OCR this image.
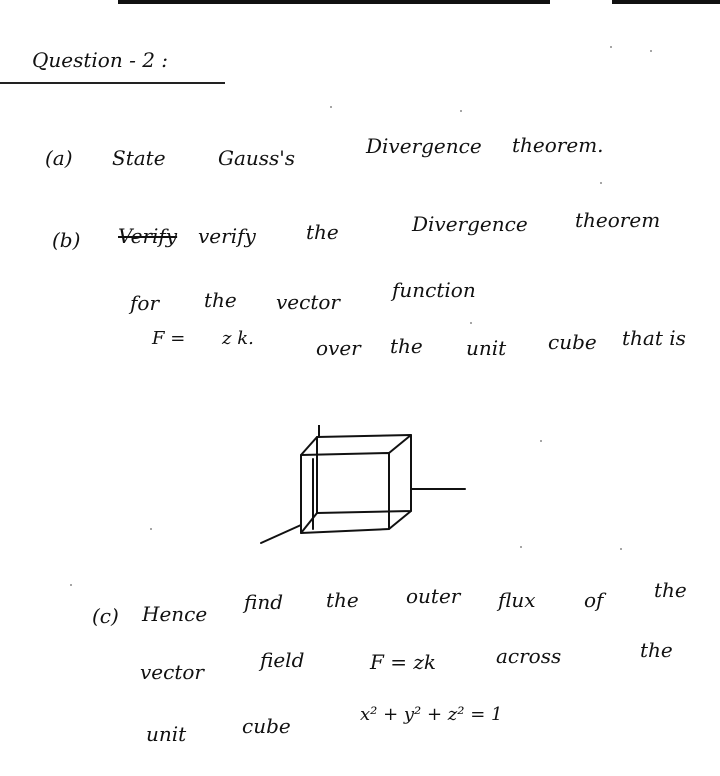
Question - 2 :
(a) State	Gauss's	Divergence theorem.
(b) Verify verify	the	Divergence theorem
for the vector	function
F = z k.	over the unit cube that is
(c) Hence find the outer flux of	the
vector	field	F = zk	across	the
unit	cube	x² + y² + z² = 1
